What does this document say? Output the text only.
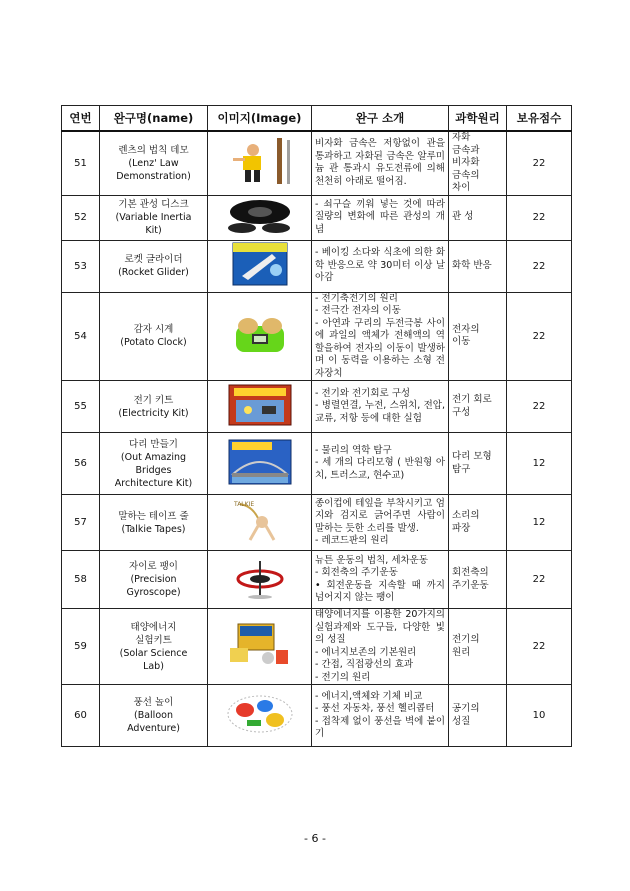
연번	완구명(name)	이미지(Image)	완구 소개	과학원리	보유점수
51	렌츠의 법칙 데모
(Lenz' Law
Demonstration)		비자화 금속은 저항없이 관을 통과하고 자화된 금속은 알루미늄 관 통과시 유도전류에 의해 천천히 아래로 떨어짐.	자화
금속과
비자화
금속의
차이	22
52	기본 관성 디스크
(Variable Inertia
Kit)		- 쇠구슬 끼워 넣는 것에 따라 질량의 변화에 따른 관성의 개념	관 성	22
53	로켓 글라이더
(Rocket Glider)		- 베이킹 소다와 식초에 의한 화학 반응으로 약 30미터 이상 날아감	화학 반응	22
54	감자 시계
(Potato Clock)		- 전기축전기의 원리
- 전극간 전자의 이동
- 아연과 구리의 두전극봉 사이에 과일의 액체가 전해액의 역할을하여 전자의 이동이 발생하며 이 동력을 이용하는 소형 전자장치	전자의
이동	22
55	전기 키트
(Electricity Kit)		- 전기와 전기회로 구성
- 병렬연결, 누전, 스위치, 전압, 교류, 저항 등에 대한 실험	전기 회로
구성	22
56	다리 만들기
(Out Amazing
Bridges
Architecture Kit)		- 물리의 역학 탐구
- 세 개의 다리모형 ( 반원형 아치, 트러스교, 현수교)	다리 모형
탐구	12
57	말하는 테이프 줄
(Talkie Tapes)	TALKIE	종이컵에 테잎을 부착시키고 엄지와 검지로 긁어주면 사람이 말하는 듯한 소리를 발생.
- 레코드판의 원리	소리의
파장	12
58	자이로 팽이
(Precision
Gyroscope)		뉴튼 운동의 법칙, 세차운동
- 회전축의 주기운동
• 회전운동을 지속할 때 까지 넘어지지 않는 팽이	회전축의
주기운동	22
59	태양에너지
실험키트
(Solar Science
Lab)		태양에너지를 이용한 20가지의 실험과제와 도구들, 다양한 빛의 성질
- 에너지보존의 기본원리
- 간접, 직접광선의 효과
- 전기의 원리	전기의
원리	22
60	풍선 놀이
(Balloon
Adventure)		- 에너지,액체와 기체 비교
- 풍선 자동차, 풍선 헬리콥터
- 접착제 없이 풍선을 벽에 붙이기	공기의
성질	10
- 6 -
